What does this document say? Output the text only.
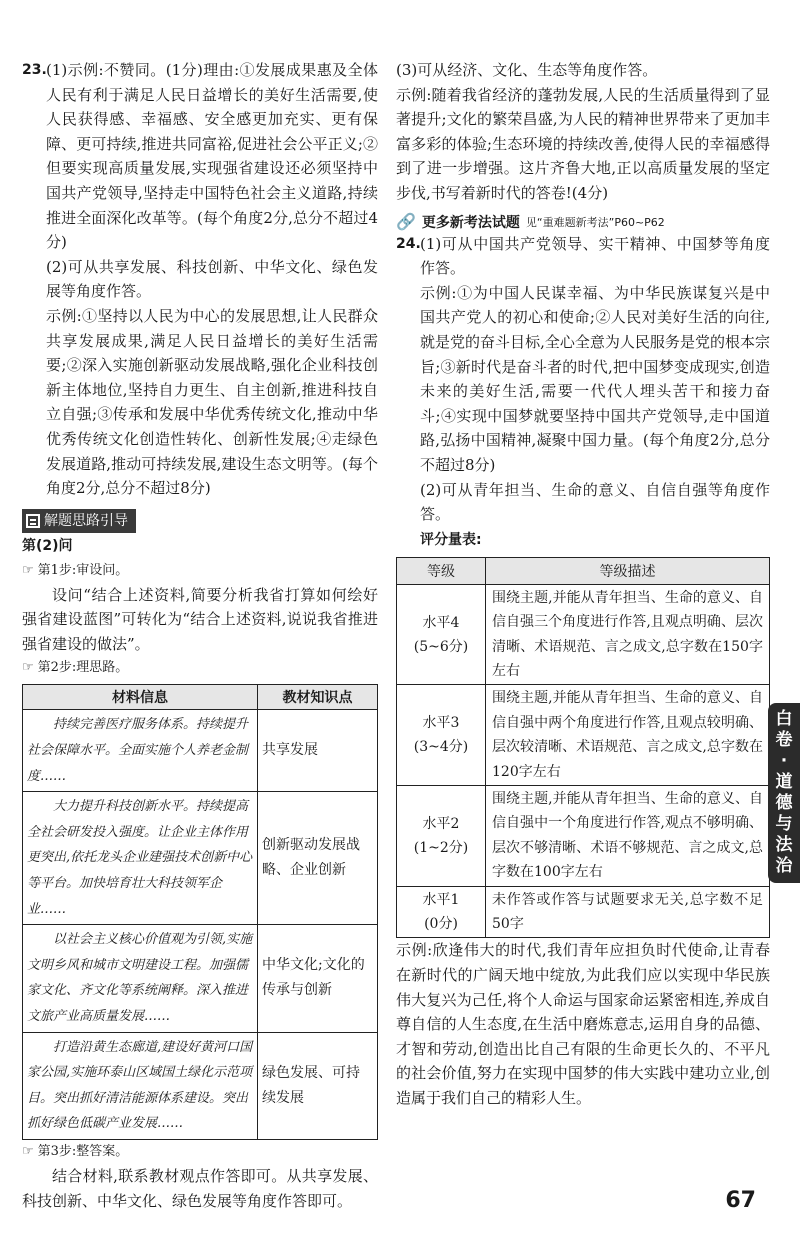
23. (1)示例:不赞同。(1分)理由:①发展成果惠及全体人民有利于满足人民日益增长的美好生活需要,使人民获得感、幸福感、安全感更加充实、更有保障、更可持续,推进共同富裕,促进社会公平正义;②但要实现高质量发展,实现强省建设还必须坚持中国共产党领导,坚持走中国特色社会主义道路,持续推进全面深化改革等。(每个角度2分,总分不超过4分)

(2)可从共享发展、科技创新、中华文化、绿色发展等角度作答。

示例:①坚持以人民为中心的发展思想,让人民群众共享发展成果,满足人民日益增长的美好生活需要;②深入实施创新驱动发展战略,强化企业科技创新主体地位,坚持自力更生、自主创新,推进科技自立自强;③传承和发展中华优秀传统文化,推动中华优秀传统文化创造性转化、创新性发展;④走绿色发展道路,推动可持续发展,建设生态文明等。(每个角度2分,总分不超过8分)

解题思路引导
第(2)问
☞ 第1步:审设问。

设问“结合上述资料,简要分析我省打算如何绘好强省建设蓝图”可转化为“结合上述资料,说说我省推进强省建设的做法”。

☞ 第2步:理思路。
材料信息	教材知识点
持续完善医疗服务体系。持续提升社会保障水平。全面实施个人养老金制度……	共享发展
大力提升科技创新水平。持续提高全社会研发投入强度。让企业主体作用更突出,依托龙头企业建强技术创新中心等平台。加快培育壮大科技领军企业……	创新驱动发展战略、企业创新
以社会主义核心价值观为引领,实施文明乡风和城市文明建设工程。加强儒家文化、齐文化等系统阐释。深入推进文旅产业高质量发展……	中华文化;文化的传承与创新
打造沿黄生态廊道,建设好黄河口国家公园,实施环泰山区域国土绿化示范项目。突出抓好清洁能源体系建设。突出抓好绿色低碳产业发展……	绿色发展、可持续发展
☞ 第3步:整答案。

结合材料,联系教材观点作答即可。从共享发展、科技创新、中华文化、绿色发展等角度作答即可。

(3)可从经济、文化、生态等角度作答。

示例:随着我省经济的蓬勃发展,人民的生活质量得到了显著提升;文化的繁荣昌盛,为人民的精神世界带来了更加丰富多彩的体验;生态环境的持续改善,使得人民的幸福感得到了进一步增强。这片齐鲁大地,正以高质量发展的坚定步伐,书写着新时代的答卷!(4分)

🔗 更多新考法试题 见“重难题新考法”P60~P62
24. (1)可从中国共产党领导、实干精神、中国梦等角度作答。

示例:①为中国人民谋幸福、为中华民族谋复兴是中国共产党人的初心和使命;②人民对美好生活的向往,就是党的奋斗目标,全心全意为人民服务是党的根本宗旨;③新时代是奋斗者的时代,把中国梦变成现实,创造未来的美好生活,需要一代代人埋头苦干和接力奋斗;④实现中国梦就要坚持中国共产党领导,走中国道路,弘扬中国精神,凝聚中国力量。(每个角度2分,总分不超过8分)

(2)可从青年担当、生命的意义、自信自强等角度作答。

评分量表:

等级	等级描述

水平4
(5~6分)	围绕主题,并能从青年担当、生命的意义、自信自强三个角度进行作答,且观点明确、层次清晰、术语规范、言之成文,总字数在150字左右

水平3
(3~4分)	围绕主题,并能从青年担当、生命的意义、自信自强中两个角度进行作答,且观点较明确、层次较清晰、术语规范、言之成文,总字数在120字左右

水平2
(1~2分)	围绕主题,并能从青年担当、生命的意义、自信自强中一个角度进行作答,观点不够明确、层次不够清晰、术语不够规范、言之成文,总字数在100字左右

水平1
(0分)	未作答或作答与试题要求无关,总字数不足50字

示例:欣逢伟大的时代,我们青年应担负时代使命,让青春在新时代的广阔天地中绽放,为此我们应以实现中华民族伟大复兴为己任,将个人命运与国家命运紧密相连,养成自尊自信的人生态度,在生活中磨炼意志,运用自身的品德、才智和劳动,创造出比自己有限的生命更长久的、不平凡的社会价值,努力在实现中国梦的伟大实践中建功立业,创造属于我们自己的精彩人生。

白
卷
·
道
德
与
法
治
67
